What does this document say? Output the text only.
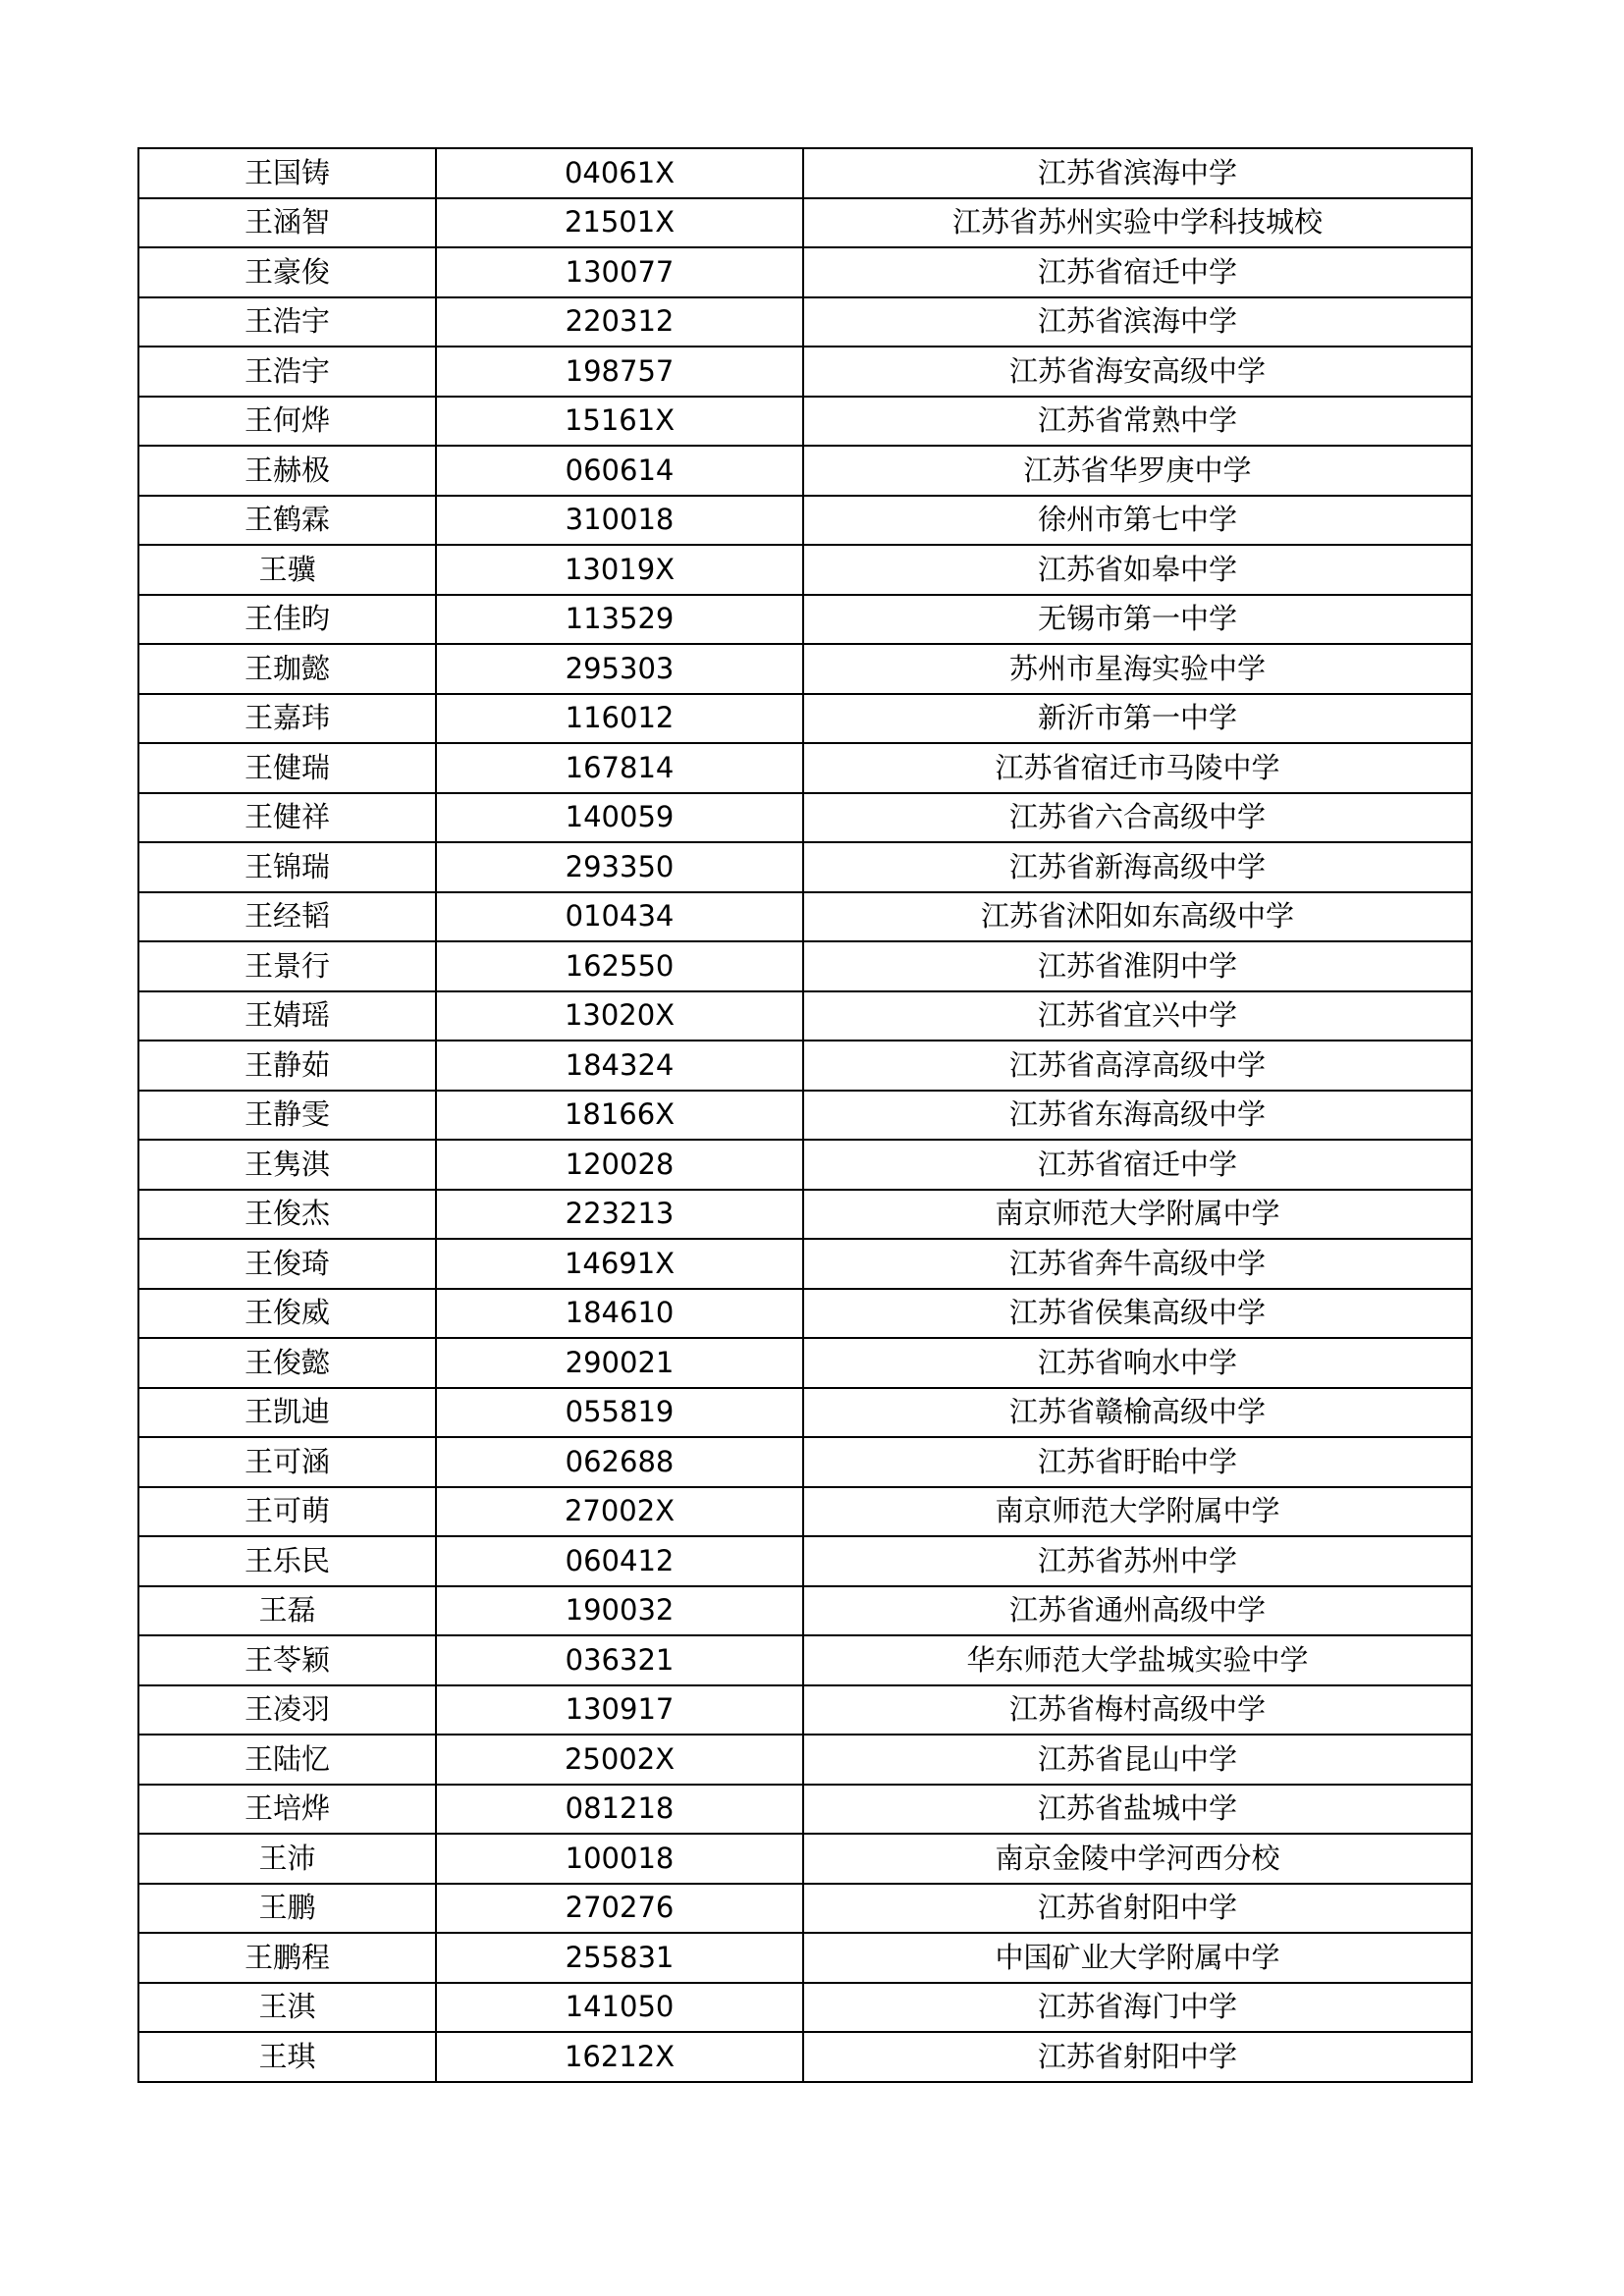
王国铸	04061X	江苏省滨海中学
王涵智	21501X	江苏省苏州实验中学科技城校
王豪俊	130077	江苏省宿迁中学
王浩宇	220312	江苏省滨海中学
王浩宇	198757	江苏省海安高级中学
王何烨	15161X	江苏省常熟中学
王赫极	060614	江苏省华罗庚中学
王鹤霖	310018	徐州市第七中学
王骥	13019X	江苏省如皋中学
王佳昀	113529	无锡市第一中学
王珈懿	295303	苏州市星海实验中学
王嘉玮	116012	新沂市第一中学
王健瑞	167814	江苏省宿迁市马陵中学
王健祥	140059	江苏省六合高级中学
王锦瑞	293350	江苏省新海高级中学
王经韬	010434	江苏省沭阳如东高级中学
王景行	162550	江苏省淮阴中学
王婧瑶	13020X	江苏省宜兴中学
王静茹	184324	江苏省高淳高级中学
王静雯	18166X	江苏省东海高级中学
王隽淇	120028	江苏省宿迁中学
王俊杰	223213	南京师范大学附属中学
王俊琦	14691X	江苏省奔牛高级中学
王俊威	184610	江苏省侯集高级中学
王俊懿	290021	江苏省响水中学
王凯迪	055819	江苏省赣榆高级中学
王可涵	062688	江苏省盱眙中学
王可萌	27002X	南京师范大学附属中学
王乐民	060412	江苏省苏州中学
王磊	190032	江苏省通州高级中学
王苓颖	036321	华东师范大学盐城实验中学
王凌羽	130917	江苏省梅村高级中学
王陆忆	25002X	江苏省昆山中学
王培烨	081218	江苏省盐城中学
王沛	100018	南京金陵中学河西分校
王鹏	270276	江苏省射阳中学
王鹏程	255831	中国矿业大学附属中学
王淇	141050	江苏省海门中学
王琪	16212X	江苏省射阳中学
